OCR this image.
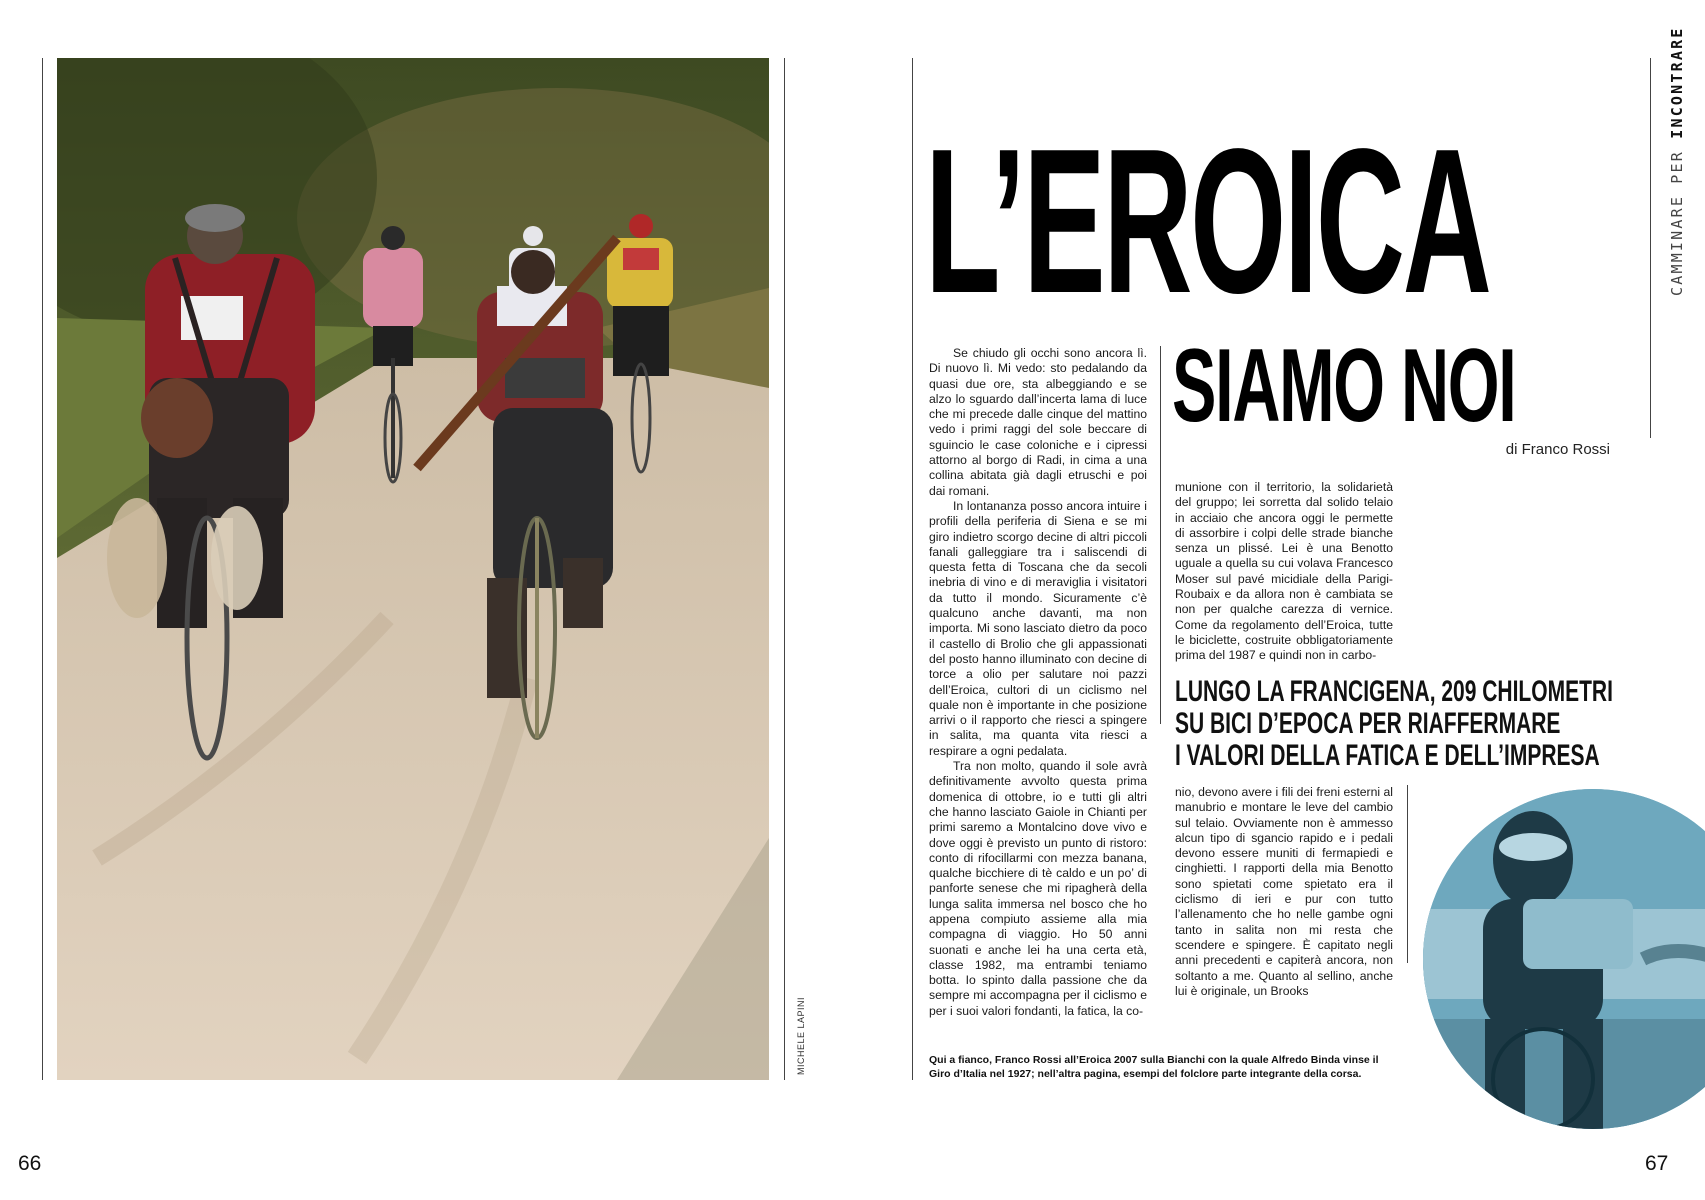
MICHELE LAPINI
66	67
L’EROICA
SIAMO NOI
di Franco Rossi
CAMMINARE PER INCONTRARE

Se chiudo gli occhi sono ancora lì. Di nuovo lì. Mi vedo: sto pedalando da quasi due ore, sta albeggiando e se alzo lo sguardo dall’incerta lama di luce che mi precede dalle cinque del mattino vedo i primi raggi del sole beccare di sguincio le case coloniche e i cipressi attorno al borgo di Radi, in cima a una collina abitata già dagli etruschi e poi dai romani.

In lontananza posso ancora intuire i profili della periferia di Siena e se mi giro indietro scorgo decine di altri piccoli fanali galleggiare tra i saliscendi di questa fetta di Toscana che da secoli inebria di vino e di meraviglia i visitatori da tutto il mondo. Sicuramente c’è qualcuno anche davanti, ma non importa. Mi sono lasciato dietro da poco il castello di Brolio che gli appassionati del posto hanno illuminato con decine di torce a olio per salutare noi pazzi dell’Eroica, cultori di un ciclismo nel quale non è importante in che posizione arrivi o il rapporto che riesci a spingere in salita, ma quanta vita riesci a respirare a ogni pedalata.

Tra non molto, quando il sole avrà definitivamente avvolto questa prima domenica di ottobre, io e tutti gli altri che hanno lasciato Gaiole in Chianti per primi saremo a Montalcino dove vivo e dove oggi è previsto un punto di ristoro: conto di rifocillarmi con mezza banana, qualche bicchiere di tè caldo e un po’ di panforte senese che mi ripagherà della lunga salita immersa nel bosco che ho appena compiuto assieme alla mia compagna di viaggio. Ho 50 anni suonati e anche lei ha una certa età, classe 1982, ma entrambi teniamo botta. Io spinto dalla passione che da sempre mi accompagna per il ciclismo e per i suoi valori fondanti, la fatica, la co-

munione con il territorio, la solidarietà del gruppo; lei sorretta dal solido telaio in acciaio che ancora oggi le permette di assorbire i colpi delle strade bianche senza un plissé. Lei è una Benotto uguale a quella su cui volava Francesco Moser sul pavé micidiale della Parigi-Roubaix e da allora non è cambiata se non per qualche carezza di vernice. Come da regolamento dell’Eroica, tutte le biciclette, costruite obbligatoriamente prima del 1987 e quindi non in carbo-

LUNGO LA FRANCIGENA, 209 CHILOMETRI
SU BICI D’EPOCA PER RIAFFERMARE
I VALORI DELLA FATICA E DELL’IMPRESA

nio, devono avere i fili dei freni esterni al manubrio e montare le leve del cambio sul telaio. Ovviamente non è ammesso alcun tipo di sgancio rapido e i pedali devono essere muniti di fermapiedi e cinghietti. I rapporti della mia Benotto sono spietati come spietato era il ciclismo di ieri e pur con tutto l’allenamento che ho nelle gambe ogni tanto in salita non mi resta che scendere e spingere. È capitato negli anni precedenti e capiterà ancora, non soltanto a me. Quanto al sellino, anche lui è originale, un Brooks

Qui a fianco, Franco Rossi all’Eroica 2007 sulla Bianchi con la quale Alfredo Binda vinse il Giro d’Italia nel 1927; nell’altra pagina, esempi del folclore parte integrante della corsa.
